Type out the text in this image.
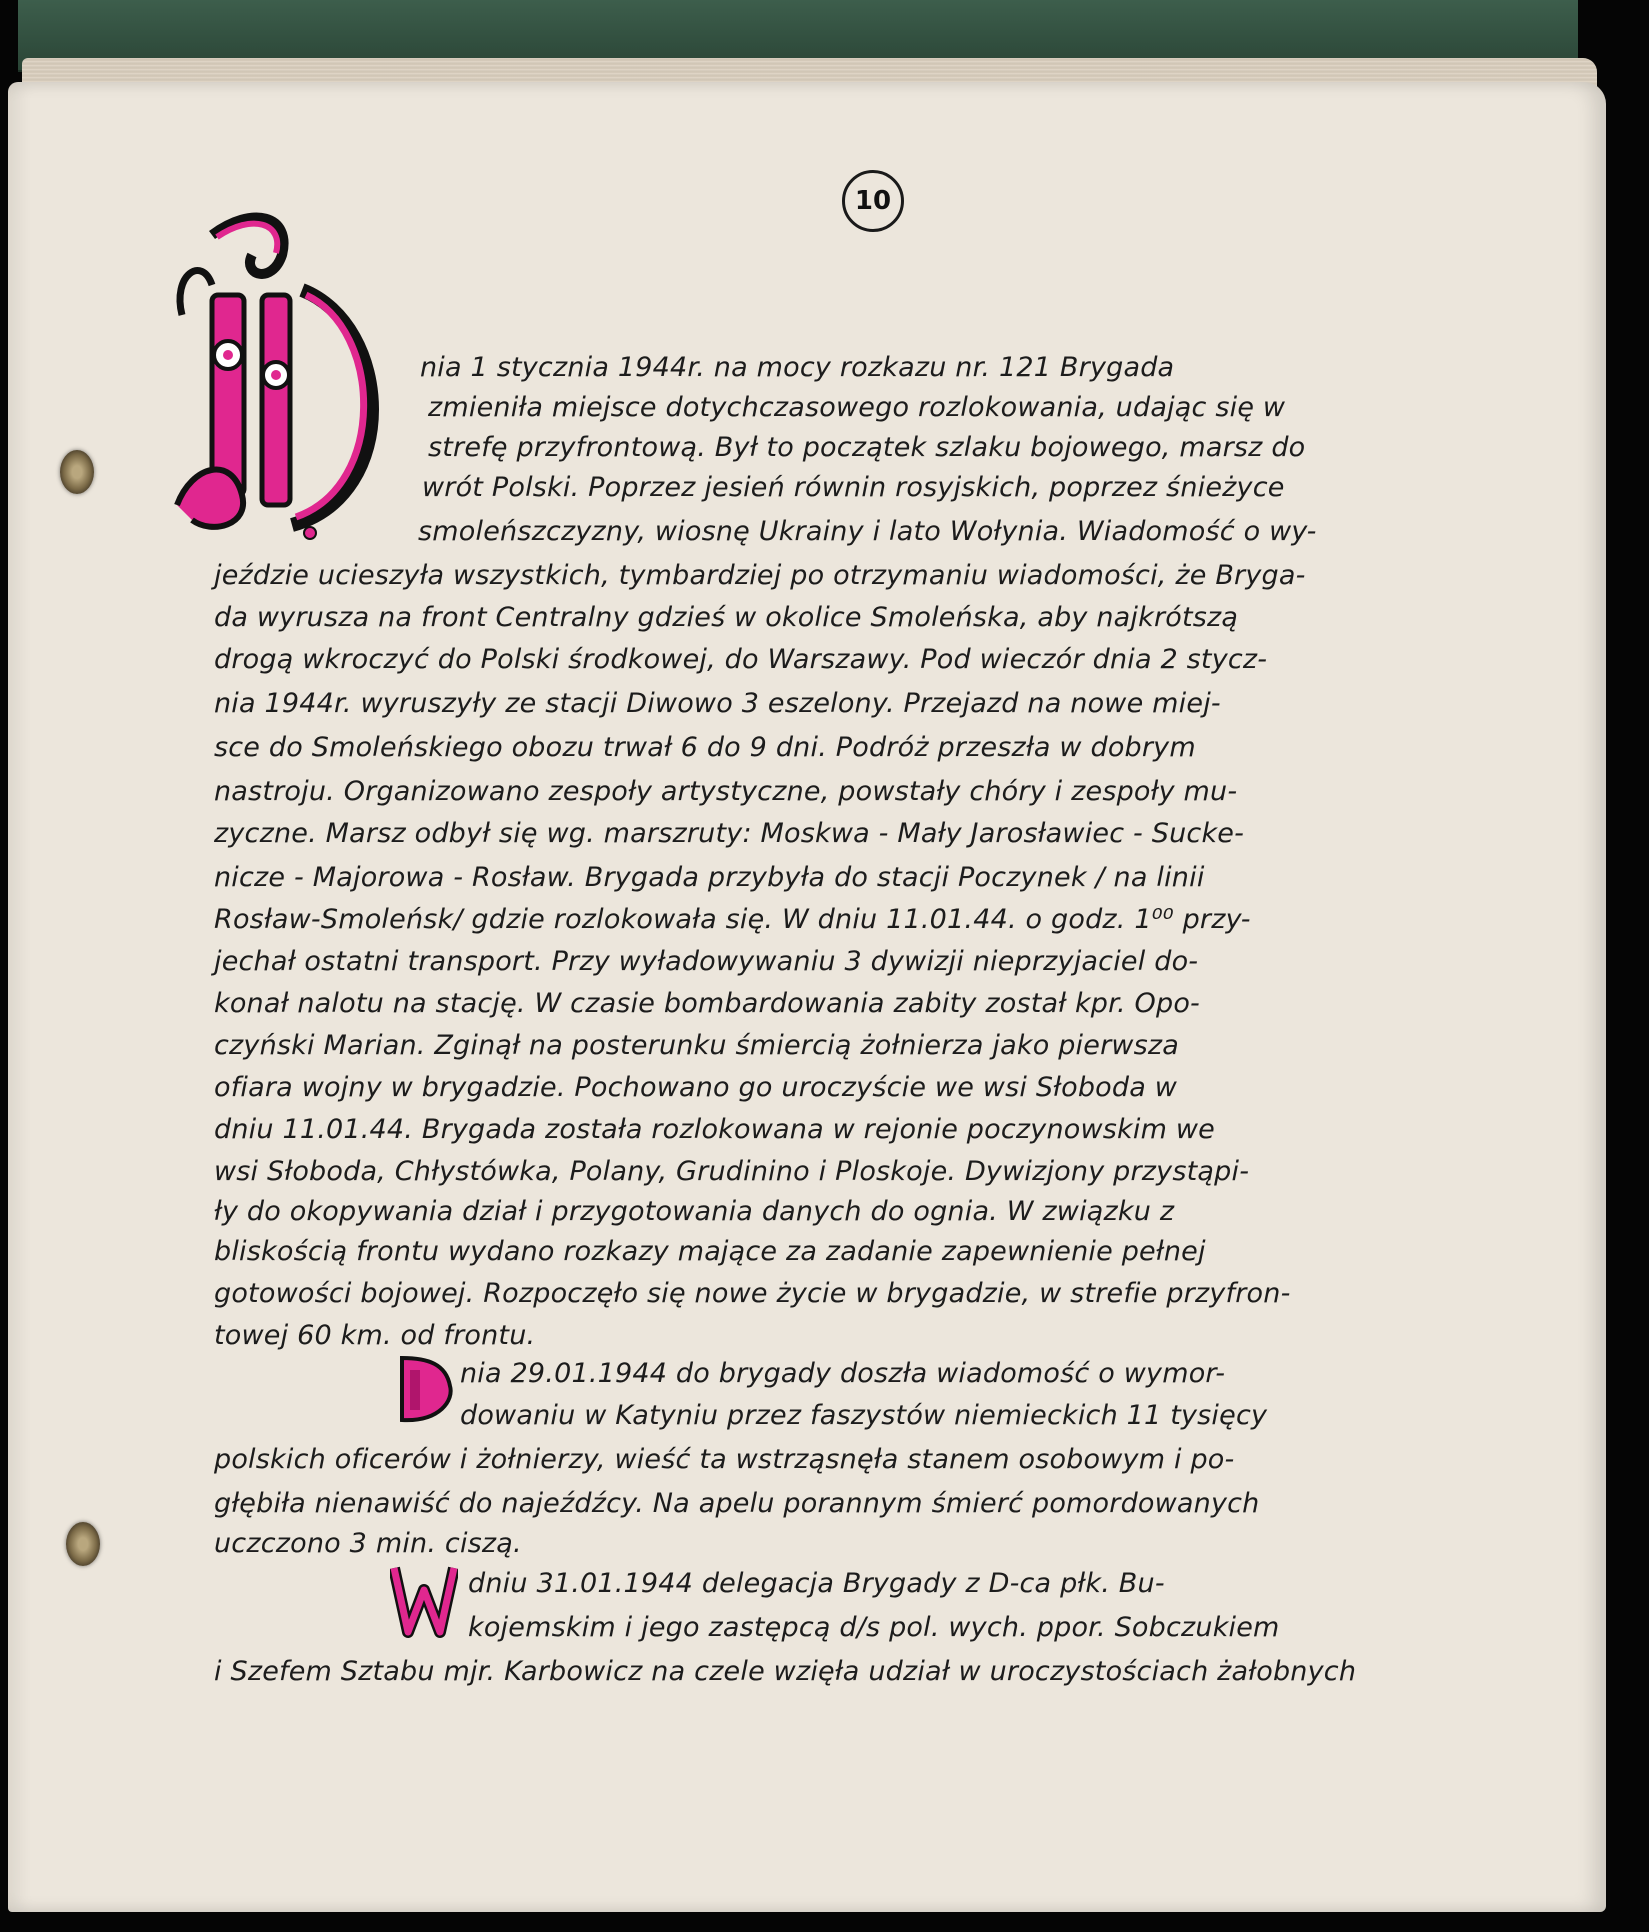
10
nia 1 stycznia 1944r. na mocy rozkazu nr. 121 Brygada
zmieniła miejsce dotychczasowego rozlokowania, udając się w
strefę przyfrontową. Był to początek szlaku bojowego, marsz do
wrót Polski. Poprzez jesień równin rosyjskich, poprzez śnieżyce
smoleńszczyzny, wiosnę Ukrainy i lato Wołynia. Wiadomość o wy-
jeździe ucieszyła wszystkich, tymbardziej po otrzymaniu wiadomości, że Bryga-
da wyrusza na front Centralny gdzieś w okolice Smoleńska, aby najkrótszą
drogą wkroczyć do Polski środkowej, do Warszawy. Pod wieczór dnia 2 stycz-
nia 1944r. wyruszyły ze stacji Diwowo 3 eszelony. Przejazd na nowe miej-
sce do Smoleńskiego obozu trwał 6 do 9 dni. Podróż przeszła w dobrym
nastroju. Organizowano zespoły artystyczne, powstały chóry i zespoły mu-
zyczne. Marsz odbył się wg. marszruty: Moskwa - Mały Jarosławiec - Sucke-
nicze - Majorowa - Rosław. Brygada przybyła do stacji Poczynek / na linii
Rosław-Smoleńsk/ gdzie rozlokowała się. W dniu 11.01.44. o godz. 1⁰⁰ przy-
jechał ostatni transport. Przy wyładowywaniu 3 dywizji nieprzyjaciel do-
konał nalotu na stację. W czasie bombardowania zabity został kpr. Opo-
czyński Marian. Zginął na posterunku śmiercią żołnierza jako pierwsza
ofiara wojny w brygadzie. Pochowano go uroczyście we wsi Słoboda w
dniu 11.01.44. Brygada została rozlokowana w rejonie poczynowskim we
wsi Słoboda, Chłystówka, Polany, Grudinino i Ploskoje. Dywizjony przystąpi-
ły do okopywania dział i przygotowania danych do ognia. W związku z
bliskością frontu wydano rozkazy mające za zadanie zapewnienie pełnej
gotowości bojowej. Rozpoczęło się nowe życie w brygadzie, w strefie przyfron-
towej 60 km. od frontu.
nia 29.01.1944 do brygady doszła wiadomość o wymor-
dowaniu w Katyniu przez faszystów niemieckich 11 tysięcy
polskich oficerów i żołnierzy, wieść ta wstrząsnęła stanem osobowym i po-
głębiła nienawiść do najeźdźcy. Na apelu porannym śmierć pomordowanych
uczczono 3 min. ciszą.
dniu 31.01.1944 delegacja Brygady z D-ca płk. Bu-
kojemskim i jego zastępcą d/s pol. wych. ppor. Sobczukiem
i Szefem Sztabu mjr. Karbowicz na czele wzięła udział w uroczystościach żałobnych
